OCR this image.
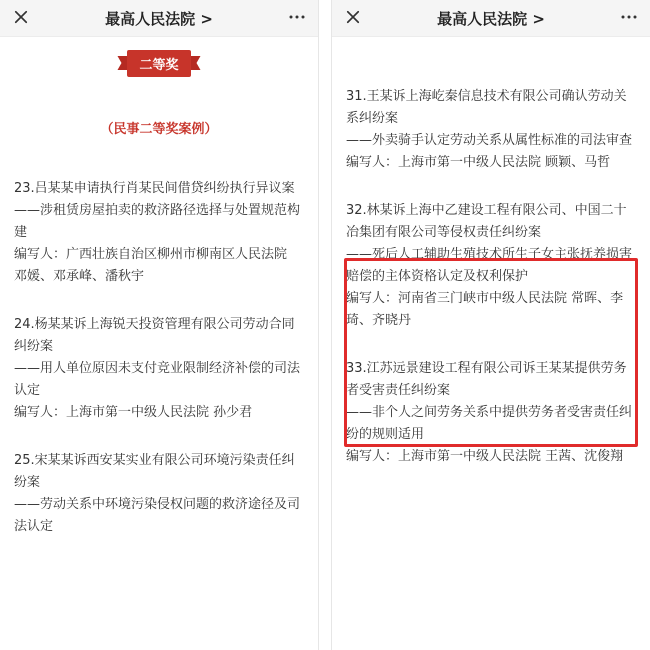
最高人民法院 >
二等奖
（民事二等奖案例）
23.吕某某申请执行肖某民间借贷纠纷执行异议案
——涉租赁房屋拍卖的救济路径选择与处置规范构建
编写人：广西壮族自治区柳州市柳南区人民法院 邓媛、邓承峰、潘秋宇
24.杨某某诉上海锐天投资管理有限公司劳动合同纠纷案
——用人单位原因未支付竞业限制经济补偿的司法认定
编写人：上海市第一中级人民法院 孙少君
25.宋某某诉西安某实业有限公司环境污染责任纠纷案
——劳动关系中环境污染侵权问题的救济途径及司法认定
最高人民法院 >
31.王某诉上海屹秦信息技术有限公司确认劳动关系纠纷案
——外卖骑手认定劳动关系从属性标准的司法审查
编写人：上海市第一中级人民法院 顾颖、马哲
32.林某诉上海中乙建设工程有限公司、中国二十冶集团有限公司等侵权责任纠纷案
——死后人工辅助生殖技术所生子女主张抚养损害赔偿的主体资格认定及权利保护
编写人：河南省三门峡市中级人民法院 常晖、李琦、齐晓丹
33.江苏远景建设工程有限公司诉王某某提供劳务者受害责任纠纷案
——非个人之间劳务关系中提供劳务者受害责任纠纷的规则适用
编写人：上海市第一中级人民法院 王茜、沈俊翔
